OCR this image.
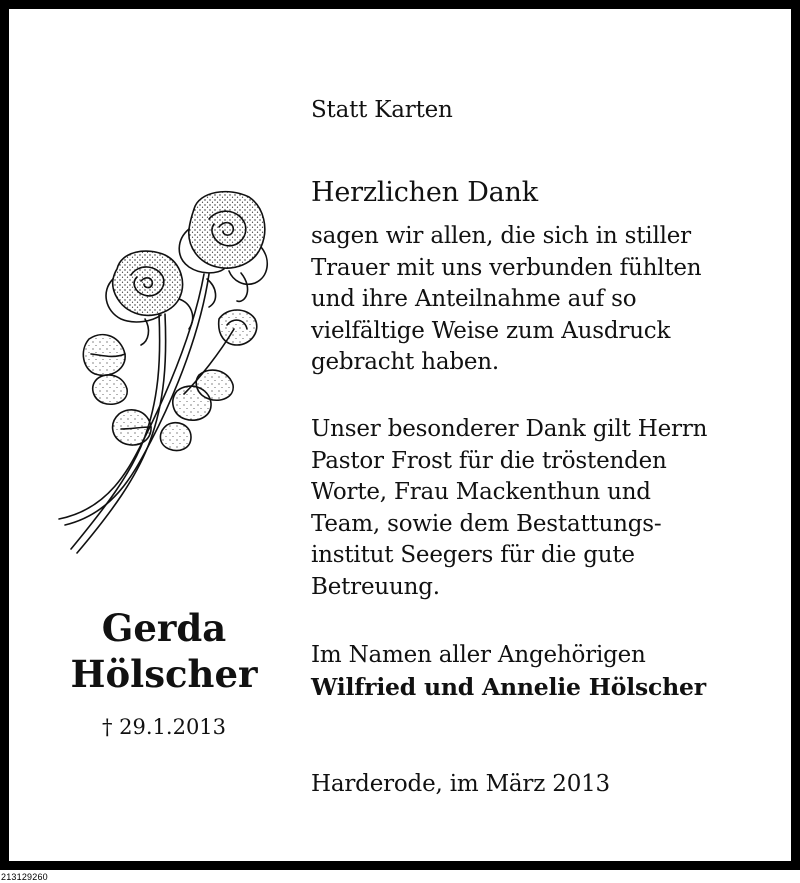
Gerda
Hölscher
† 29.1.2013
Statt Karten
Herzlichen Dank
sagen wir allen, die sich in stiller
Trauer mit uns verbunden fühlten
und ihre Anteilnahme auf so
vielfältige Weise zum Ausdruck
gebracht haben.
Unser besonderer Dank gilt Herrn
Pastor Frost für die tröstenden
Worte, Frau Mackenthun und
Team, sowie dem Bestattungs-
institut Seegers für die gute
Betreuung.
Im Namen aller Angehörigen
Wilfried und Annelie Hölscher
Harderode, im März 2013
213129260
